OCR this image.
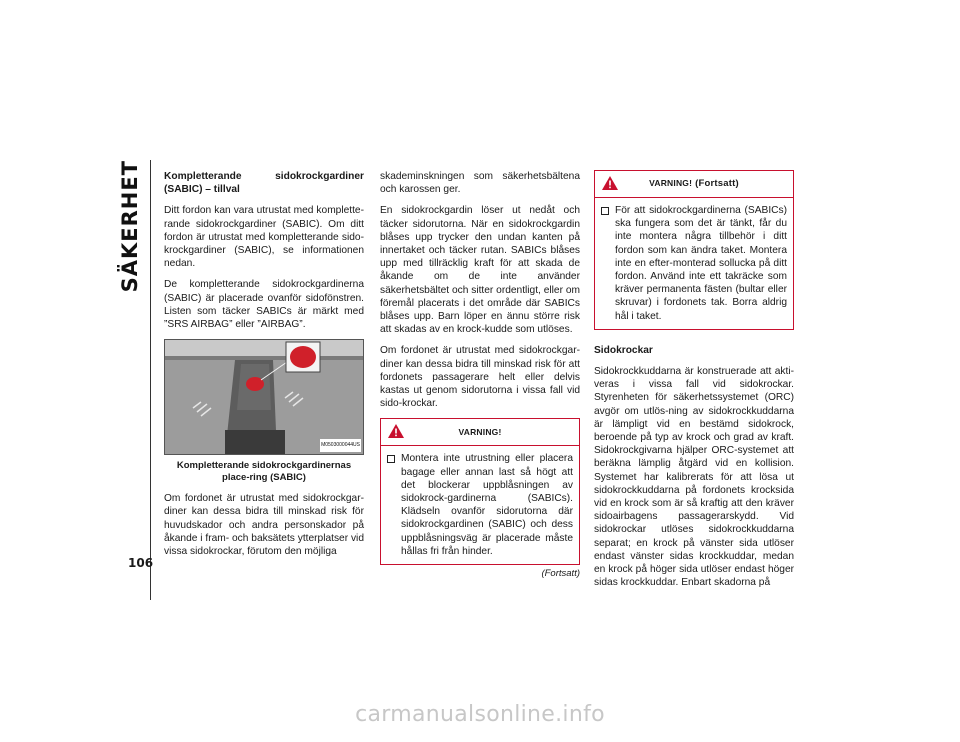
SÄKERHET
106
Kompletterande sidokrockgardiner (SABIC) – tillval

Ditt fordon kan vara utrustat med komplette-rande sidokrockgardiner (SABIC). Om ditt fordon är utrustat med kompletterande sido-krockgardiner (SABIC), se informationen nedan.

De kompletterande sidokrockgardinerna (SABIC) är placerade ovanför sidofönstren. Listen som täcker SABICs är märkt med ”SRS AIRBAG” eller ”AIRBAG”.

M0503000044US
Kompletterande sidokrockgardinernas place-ring (SABIC)

Om fordonet är utrustat med sidokrockgar-diner kan dessa bidra till minskad risk för huvudskador och andra personskador på åkande i fram- och baksätets ytterplatser vid vissa sidokrockar, förutom den möjliga

skademinskningen som säkerhetsbältena och karossen ger.

En sidokrockgardin löser ut nedåt och täcker sidorutorna. När en sidokrockgardin blåses upp trycker den undan kanten på innertaket och täcker rutan. SABICs blåses upp med tillräcklig kraft för att skada de åkande om de inte använder säkerhetsbältet och sitter ordentligt, eller om föremål placerats i det område där SABICs blåses upp. Barn löper en ännu större risk att skadas av en krock-kudde som utlöses.

Om fordonet är utrustat med sidokrockgar-diner kan dessa bidra till minskad risk för att fordonets passagerare helt eller delvis kastas ut genom sidorutorna i vissa fall vid sido-krockar.

VARNING!
Montera inte utrustning eller placera bagage eller annan last så högt att det blockerar uppblåsningen av sidokrock-gardinerna (SABICs). Klädseln ovanför sidorutorna där sidokrockgardinen (SABIC) och dess uppblåsningsväg är placerade måste hållas fri från hinder.
(Fortsatt)
VARNING! (Fortsatt)
För att sidokrockgardinerna (SABICs) ska fungera som det är tänkt, får du inte montera några tillbehör i ditt fordon som kan ändra taket. Montera inte en efter-monterad sollucka på ditt fordon. Använd inte ett takräcke som kräver permanenta fästen (bultar eller skruvar) i fordonets tak. Borra aldrig hål i taket.
Sidokrockar

Sidokrockkuddarna är konstruerade att akti-veras i vissa fall vid sidokrockar. Styrenheten för säkerhetssystemet (ORC) avgör om utlös-ning av sidokrockkuddarna är lämpligt vid en bestämd sidokrock, beroende på typ av krock och grad av kraft. Sidokrockgivarna hjälper ORC-systemet att beräkna lämplig åtgärd vid en kollision. Systemet har kalibrerats för att lösa ut sidokrockkuddarna på fordonets krocksida vid en krock som är så kraftig att den kräver sidoairbagens passagerarskydd. Vid sidokrockar utlöses sidokrockkuddarna separat; en krock på vänster sida utlöser endast vänster sidas krockkuddar, medan en krock på höger sida utlöser endast höger sidas krockkuddar. Enbart skadorna på

carmanualsonline.info
